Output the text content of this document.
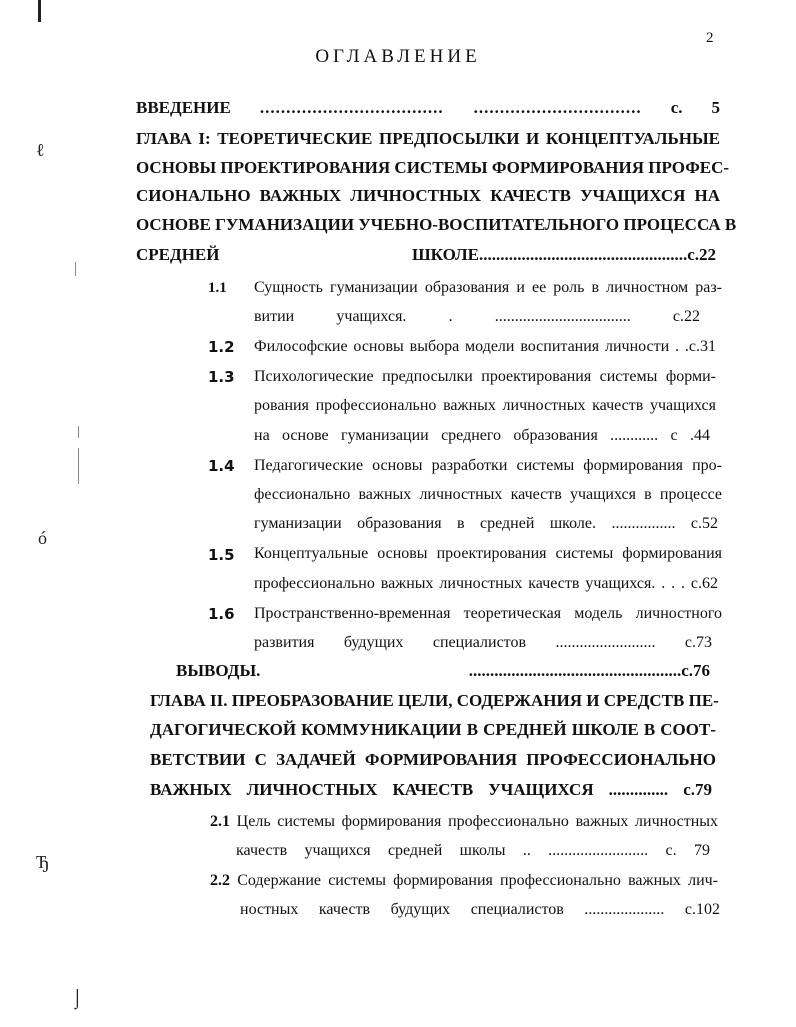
ℓ
ó
Ђ
⌡
2
ОГЛАВЛЕНИЕ
ВВЕДЕНИЕ ................................... ................................ с. 5
ГЛАВА I: ТЕОРЕТИЧЕСКИЕ ПРЕДПОСЫЛКИ И КОНЦЕПТУАЛЬНЫЕ
ОСНОВЫ ПРОЕКТИРОВАНИЯ СИСТЕМЫ ФОРМИРОВАНИЯ ПРОФЕС-
СИОНАЛЬНО ВАЖНЫХ ЛИЧНОСТНЫХ КАЧЕСТВ УЧАЩИХСЯ НА
ОСНОВЕ ГУМАНИЗАЦИИ УЧЕБНО-ВОСПИТАТЕЛЬНОГО ПРОЦЕССА В
СРЕДНЕЙ ШКОЛЕ.................................................с.22
1.1 Сущность гуманизации образования и ее роль в личностном раз-
витии учащихся. . .................................. с.22
1.2 Философские основы выбора модели воспитания личности . .с.31
1.3 Психологические предпосылки проектирования системы форми-
рования профессионально важных личностных качеств учащихся
на основе гуманизации среднего образования ............ с .44
1.4 Педагогические основы разработки системы формирования про-
фессионально важных личностных качеств учащихся в процессе
гуманизации образования в средней школе. ................ с.52
1.5 Концептуальные основы проектирования системы формирования
профессионально важных личностных качеств учащихся. . . . с.62
1.6 Пространственно-временная теоретическая модель личностного
развития будущих специалистов ......................... с.73
ВЫВОДЫ. ..................................................с.76
ГЛАВА II. ПРЕОБРАЗОВАНИЕ ЦЕЛИ, СОДЕРЖАНИЯ И СРЕДСТВ ПЕ-
ДАГОГИЧЕСКОЙ КОММУНИКАЦИИ В СРЕДНЕЙ ШКОЛЕ В СООТ-
ВЕТСТВИИ С ЗАДАЧЕЙ ФОРМИРОВАНИЯ ПРОФЕССИОНАЛЬНО
ВАЖНЫХ ЛИЧНОСТНЫХ КАЧЕСТВ УЧАЩИХСЯ .............. с.79
2.1 Цель системы формирования профессионально важных личностных
качеств учащихся средней школы .. ......................... с. 79
2.2 Содержание системы формирования профессионально важных лич-
ностных качеств будущих специалистов .................... с.102
